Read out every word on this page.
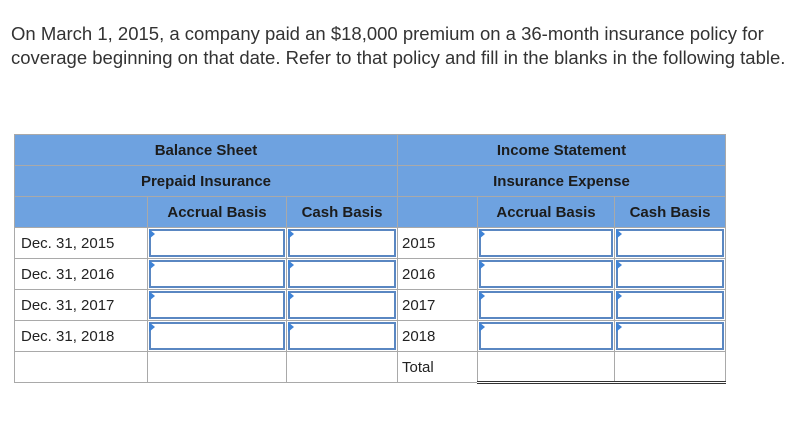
On March 1, 2015, a company paid an $18,000 premium on a 36-month insurance policy for coverage beginning on that date. Refer to that policy and fill in the blanks in the following table.
Balance Sheet			Income Statement		
Prepaid Insurance			Insurance Expense		
	Accrual Basis	Cash Basis		Accrual Basis	Cash Basis
Dec. 31, 2015			2015	

Dec. 31, 2016			2016	

Dec. 31, 2017			2017	

Dec. 31, 2018			2018	

			Total		
